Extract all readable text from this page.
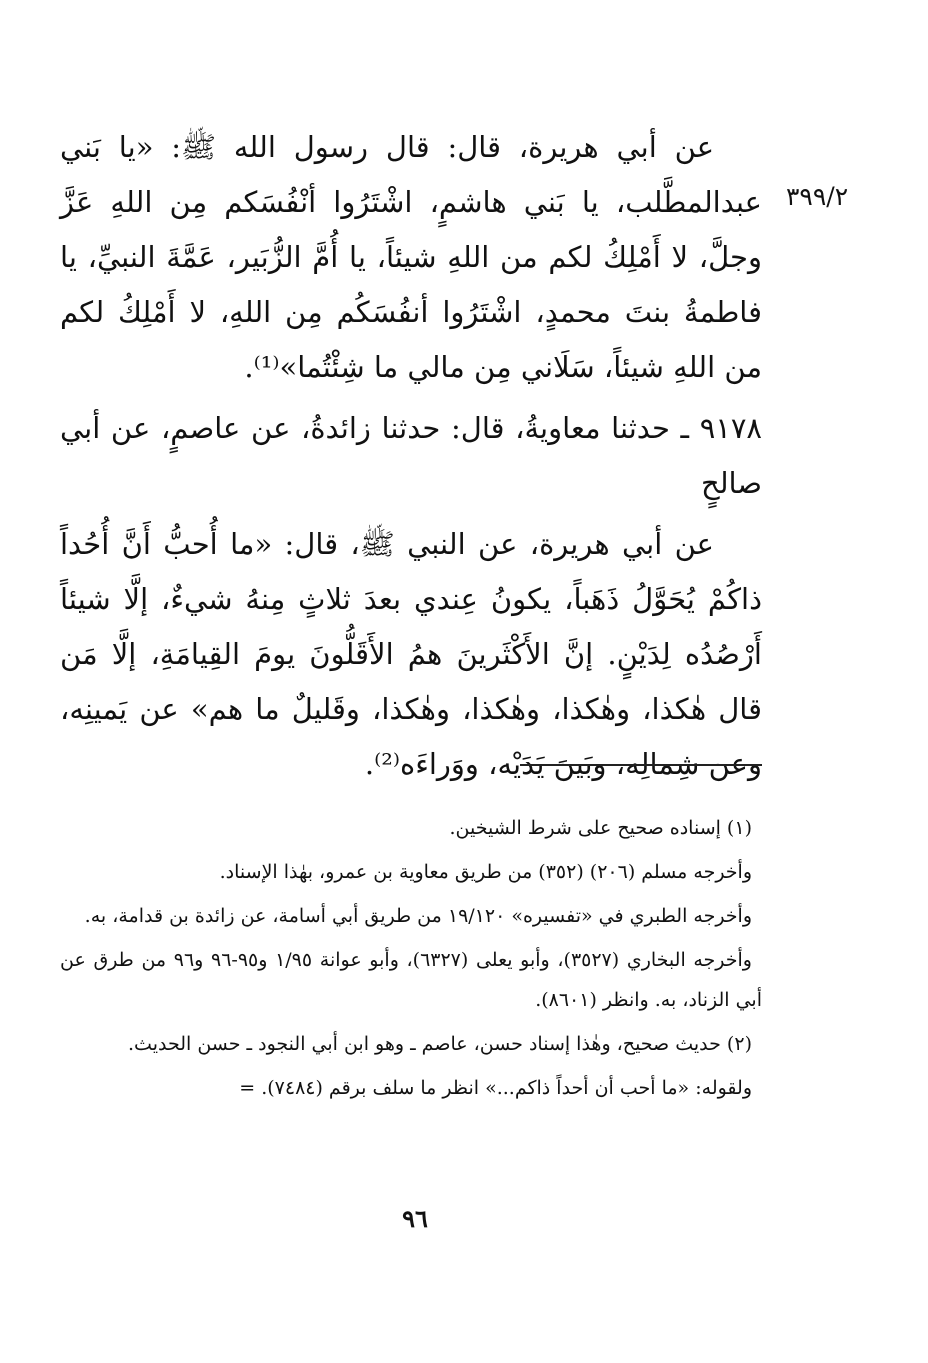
٣٩٩/٢

عن أبي هريرة، قال: قال رسول الله ﷺ: «يا بَني عبدالمطَّلب، يا بَني هاشمٍ، اشْتَرُوا أنْفُسَكم مِن اللهِ عَزَّ وجلَّ، لا أَمْلِكُ لكم من اللهِ شيئاً، يا أُمَّ الزُّبَير، عَمَّةَ النبيِّ، يا فاطمةُ بنتَ محمدٍ، اشْتَرُوا أنفُسَكُم مِن اللهِ، لا أَمْلِكُ لكم من اللهِ شيئاً، سَلَاني مِن مالي ما شِئْتُما»⁽¹⁾.

٩١٧٨ ـ حدثنا معاويةُ، قال: حدثنا زائدةُ، عن عاصمٍ، عن أبي صالحٍ

عن أبي هريرة، عن النبي ﷺ، قال: «ما أُحبُّ أَنَّ أُحُداً ذاكُمْ يُحَوَّلُ ذَهَباً، يكونُ عِندي بعدَ ثلاثٍ مِنهُ شيءٌ، إلَّا شيئاً أَرْصُدُه لِدَيْنٍ. إنَّ الأَكْثَرينَ همُ الأَقَلُّونَ يومَ القِيامَةِ، إلَّا مَن قال هٰكذا، وهٰكذا، وهٰكذا، وهٰكذا، وقَليلٌ ما هم» عن يَمينِه، وعن شِمالِه، وبَينَ يَدَيْه، ووَراءَه⁽²⁾.

(١) إسناده صحيح على شرط الشيخين.

وأخرجه مسلم (٢٠٦) (٣٥٢) من طريق معاوية بن عمرو، بهٰذا الإسناد.

وأخرجه الطبري في «تفسيره» ١٩/١٢٠ من طريق أبي أسامة، عن زائدة بن قدامة، به.

وأخرجه البخاري (٣٥٢٧)، وأبو يعلى (٦٣٢٧)، وأبو عوانة ١/٩٥ و٩٥-٩٦ و٩٦ من طرق عن أبي الزناد، به. وانظر (٨٦٠١).

(٢) حديث صحيح، وهٰذا إسناد حسن، عاصم ـ وهو ابن أبي النجود ـ حسن الحديث.

ولقوله: «ما أحب أن أحداً ذاكم...» انظر ما سلف برقم (٧٤٨٤). =

٩٦
